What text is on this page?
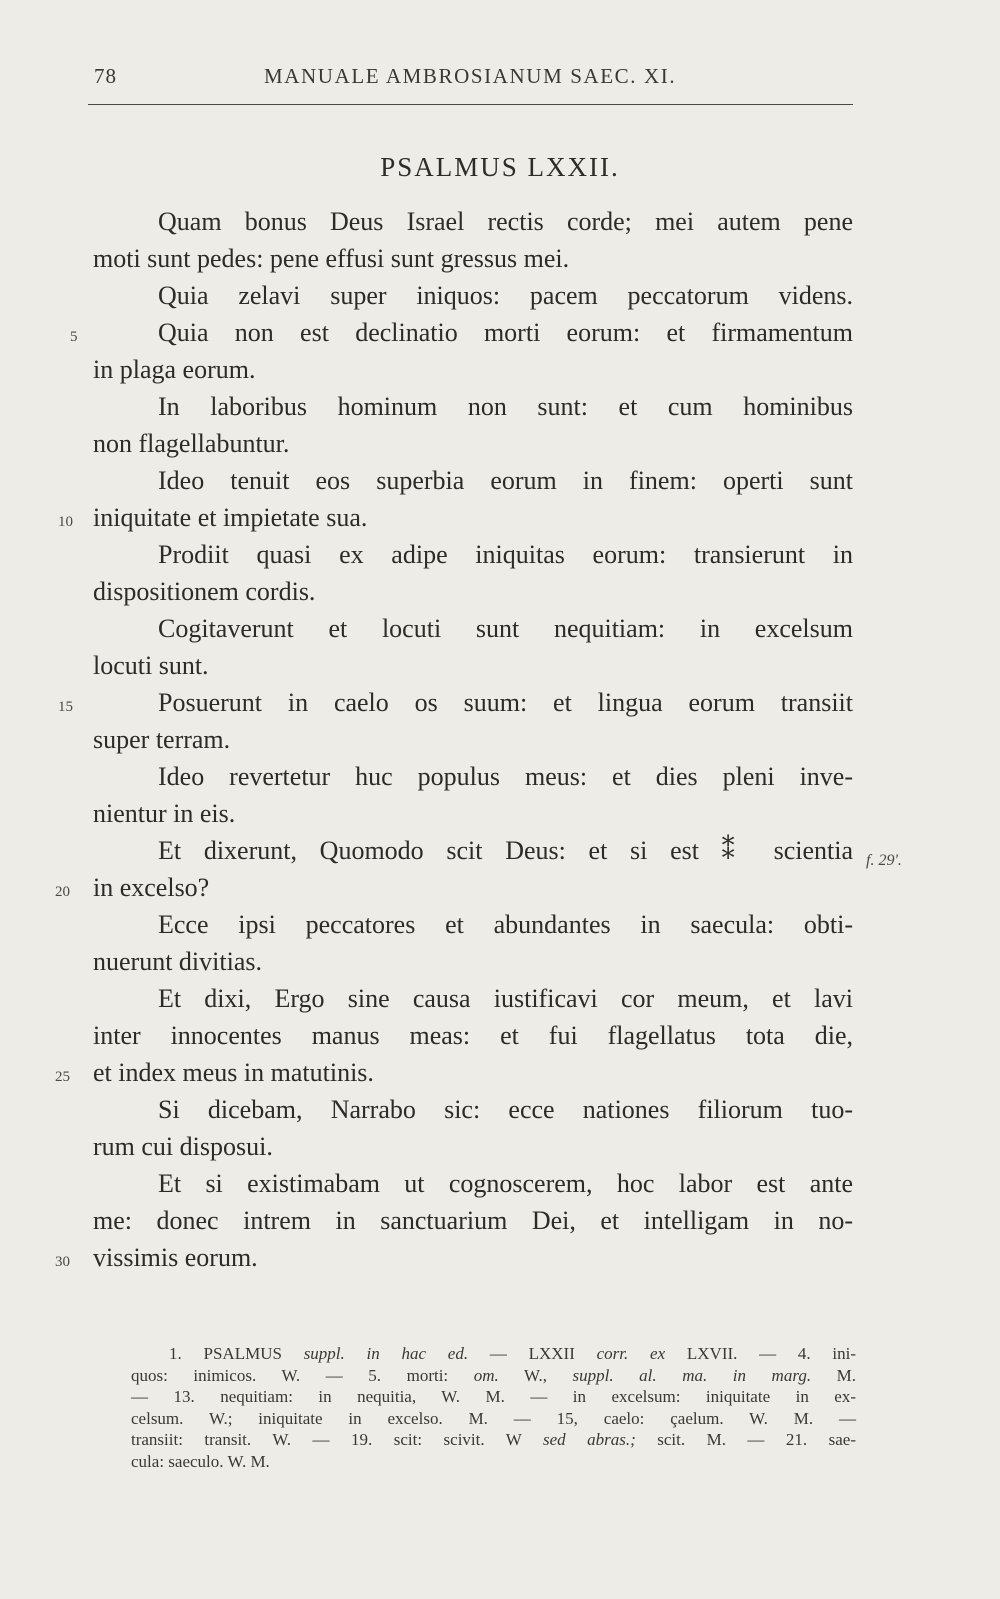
78	MANUALE AMBROSIANUM SAEC. XI.
PSALMUS LXXII.
Quam bonus Deus Israel rectis corde; mei autem pene
moti sunt pedes: pene effusi sunt gressus mei.
Quia zelavi super iniquos: pacem peccatorum videns.
Quia non est declinatio morti eorum: et firmamentum
in plaga eorum.
In laboribus hominum non sunt: et cum hominibus
non flagellabuntur.
Ideo tenuit eos superbia eorum in finem: operti sunt
iniquitate et impietate sua.
Prodiit quasi ex adipe iniquitas eorum: transierunt in
dispositionem cordis.
Cogitaverunt et locuti sunt nequitiam: in excelsum
locuti sunt.
Posuerunt in caelo os suum: et lingua eorum transiit
super terram.
Ideo revertetur huc populus meus: et dies pleni inve-
nientur in eis.
Et dixerunt, Quomodo scit Deus: et si est ⁑ scientia
in excelso?
Ecce ipsi peccatores et abundantes in saecula: obti-
nuerunt divitias.
Et dixi, Ergo sine causa iustificavi cor meum, et lavi
inter innocentes manus meas: et fui flagellatus tota die,
et index meus in matutinis.
Si dicebam, Narrabo sic: ecce nationes filiorum tuo-
rum cui disposui.
Et si existimabam ut cognoscerem, hoc labor est ante
me: donec intrem in sanctuarium Dei, et intelligam in no-
vissimis eorum.
5
10
15
20
25
30
f. 29'.
1. PSALMUS suppl. in hac ed. — LXXII corr. ex LXVII. — 4. ini-
quos: inimicos. W. — 5. morti: om. W., suppl. al. ma. in marg. M.
— 13. nequitiam: in nequitia, W. M. — in excelsum: iniquitate in ex-
celsum. W.; iniquitate in excelso. M. — 15, caelo: çaelum. W. M. —
transiit: transit. W. — 19. scit: scivit. W sed abras.; scit. M. — 21. sae-
cula: saeculo. W. M.
